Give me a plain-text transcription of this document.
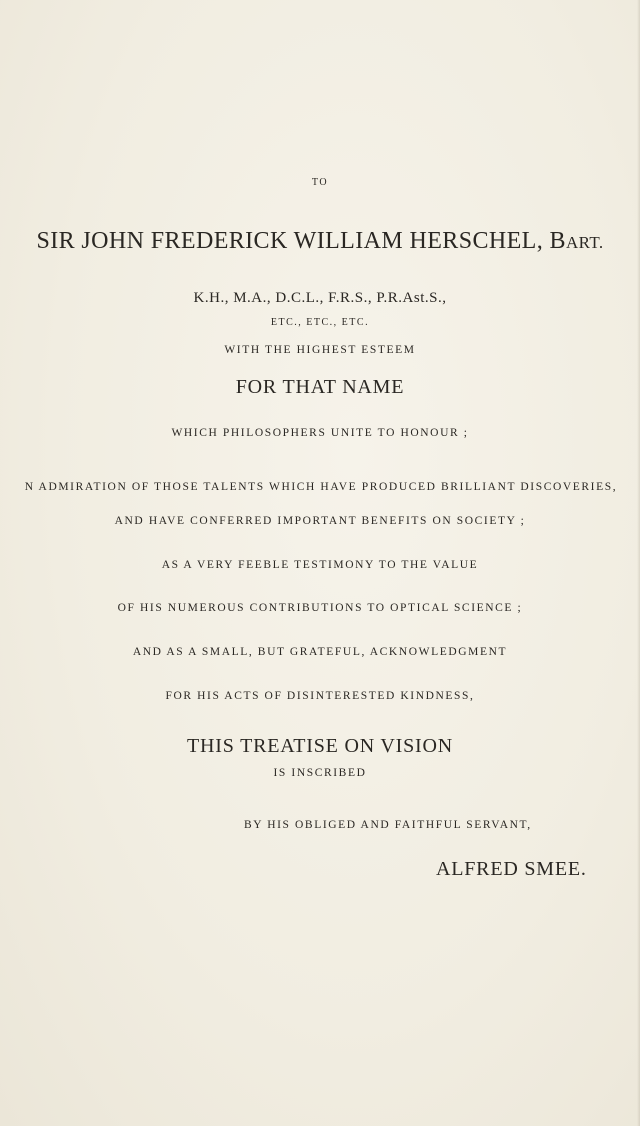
TO
SIR JOHN FREDERICK WILLIAM HERSCHEL, BART.
K.H., M.A., D.C.L., F.R.S., P.R.Ast.S.,
ETC., ETC., ETC.
WITH THE HIGHEST ESTEEM
FOR THAT NAME
WHICH PHILOSOPHERS UNITE TO HONOUR ;
N ADMIRATION OF THOSE TALENTS WHICH HAVE PRODUCED BRILLIANT DISCOVERIES,
AND HAVE CONFERRED IMPORTANT BENEFITS ON SOCIETY ;
AS A VERY FEEBLE TESTIMONY TO THE VALUE
OF HIS NUMEROUS CONTRIBUTIONS TO OPTICAL SCIENCE ;
AND AS A SMALL, BUT GRATEFUL, ACKNOWLEDGMENT
FOR HIS ACTS OF DISINTERESTED KINDNESS,
THIS TREATISE ON VISION
IS INSCRIBED
BY HIS OBLIGED AND FAITHFUL SERVANT,
ALFRED SMEE.
